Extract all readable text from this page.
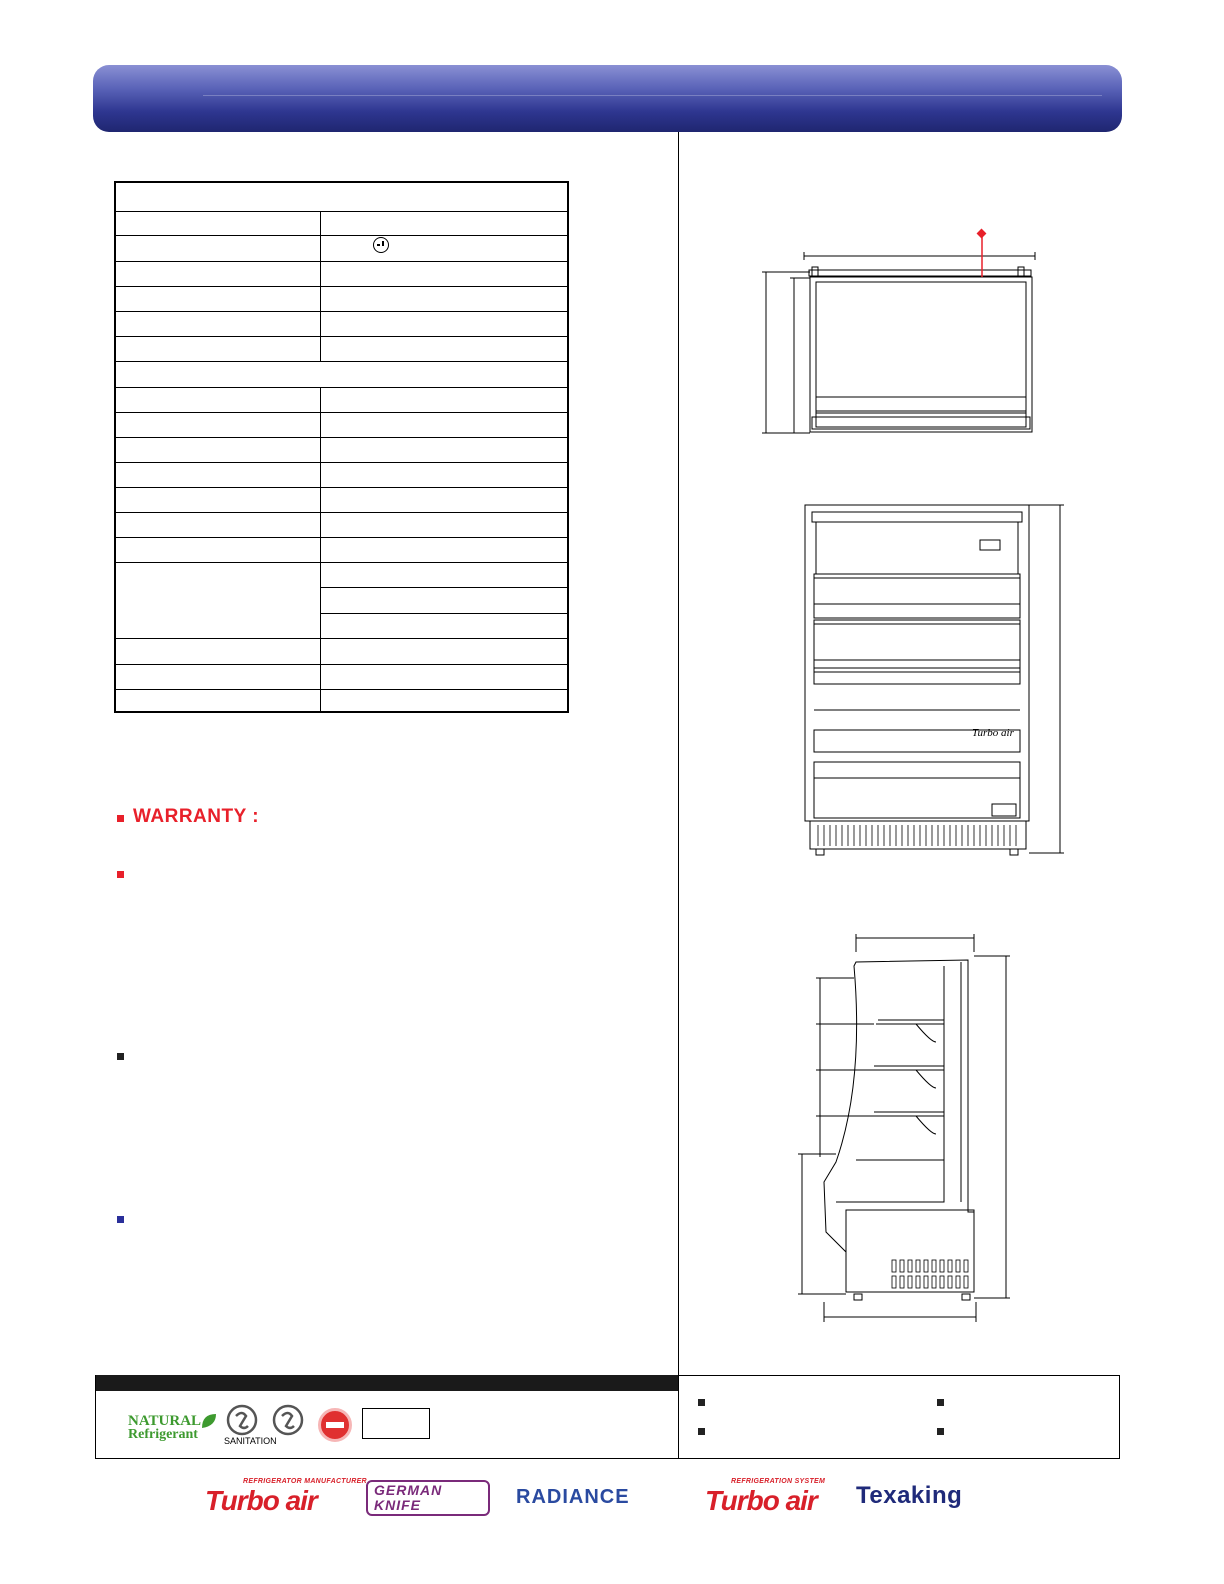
WARRANTY :
Turbo air
NATURAL
Refrigerant	SANITATION
REFRIGERATOR MANUFACTURER
Turbo air	GERMAN KNIFE	RADIANCE
REFRIGERATION SYSTEM
Turbo air	Texaking
